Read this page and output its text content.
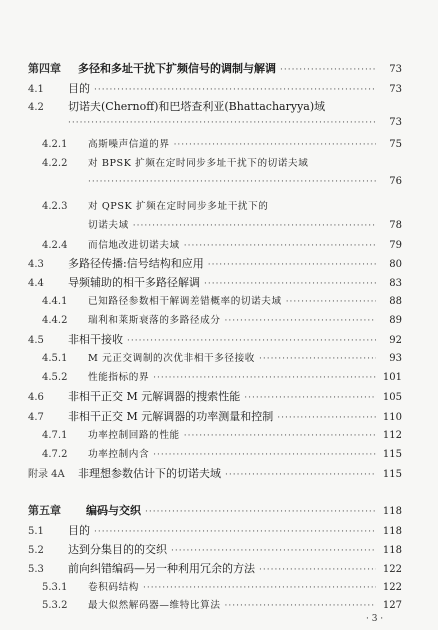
第四章	多径和多址干扰下扩频信号的调制与解调 ·····	73
4.1	目的 ·····	73
4.2	切诺夫(Chernoff)和巴塔查利亚(Bhattacharyya)域
·····
73
4.2.1	高斯噪声信道的界 ·····	75
4.2.2	对 BPSK 扩频在定时同步多址干扰下的切诺夫域
·····
76
4.2.3	对 QPSK 扩频在定时同步多址干扰下的
切诺夫域 ·····	78
4.2.4	而信地改进切诺夫域 ·····	79
4.3	多路径传播:信号结构和应用 ·····	80
4.4	导频辅助的相干多路径解调 ·····	83
4.4.1	已知路径参数相干解调差错概率的切诺夫域 ·····	88
4.4.2	瑞利和莱斯衰落的多路径成分 ·····	89
4.5	非相干接收 ·····	92
4.5.1	M 元正交调制的次优非相干多径接收 ·····	93
4.5.2	性能指标的界 ·····	101
4.6	非相干正交 M 元解调器的搜索性能 ·····	105
4.7	非相干正交 M 元解调器的功率测量和控制 ·····	110
4.7.1	功率控制回路的性能 ·····	112
4.7.2	功率控制内含 ·····	115
附录 4A	非理想参数估计下的切诺夫域 ·····	115
第五章	编码与交织 ·····	118
5.1	目的 ·····	118
5.2	达到分集目的的交织 ·····	118
5.3	前向纠错编码—另一种利用冗余的方法 ·····	122
5.3.1	卷积码结构 ·····	122
5.3.2	最大似然解码器—维特比算法 ·····	127
· 3 ·
